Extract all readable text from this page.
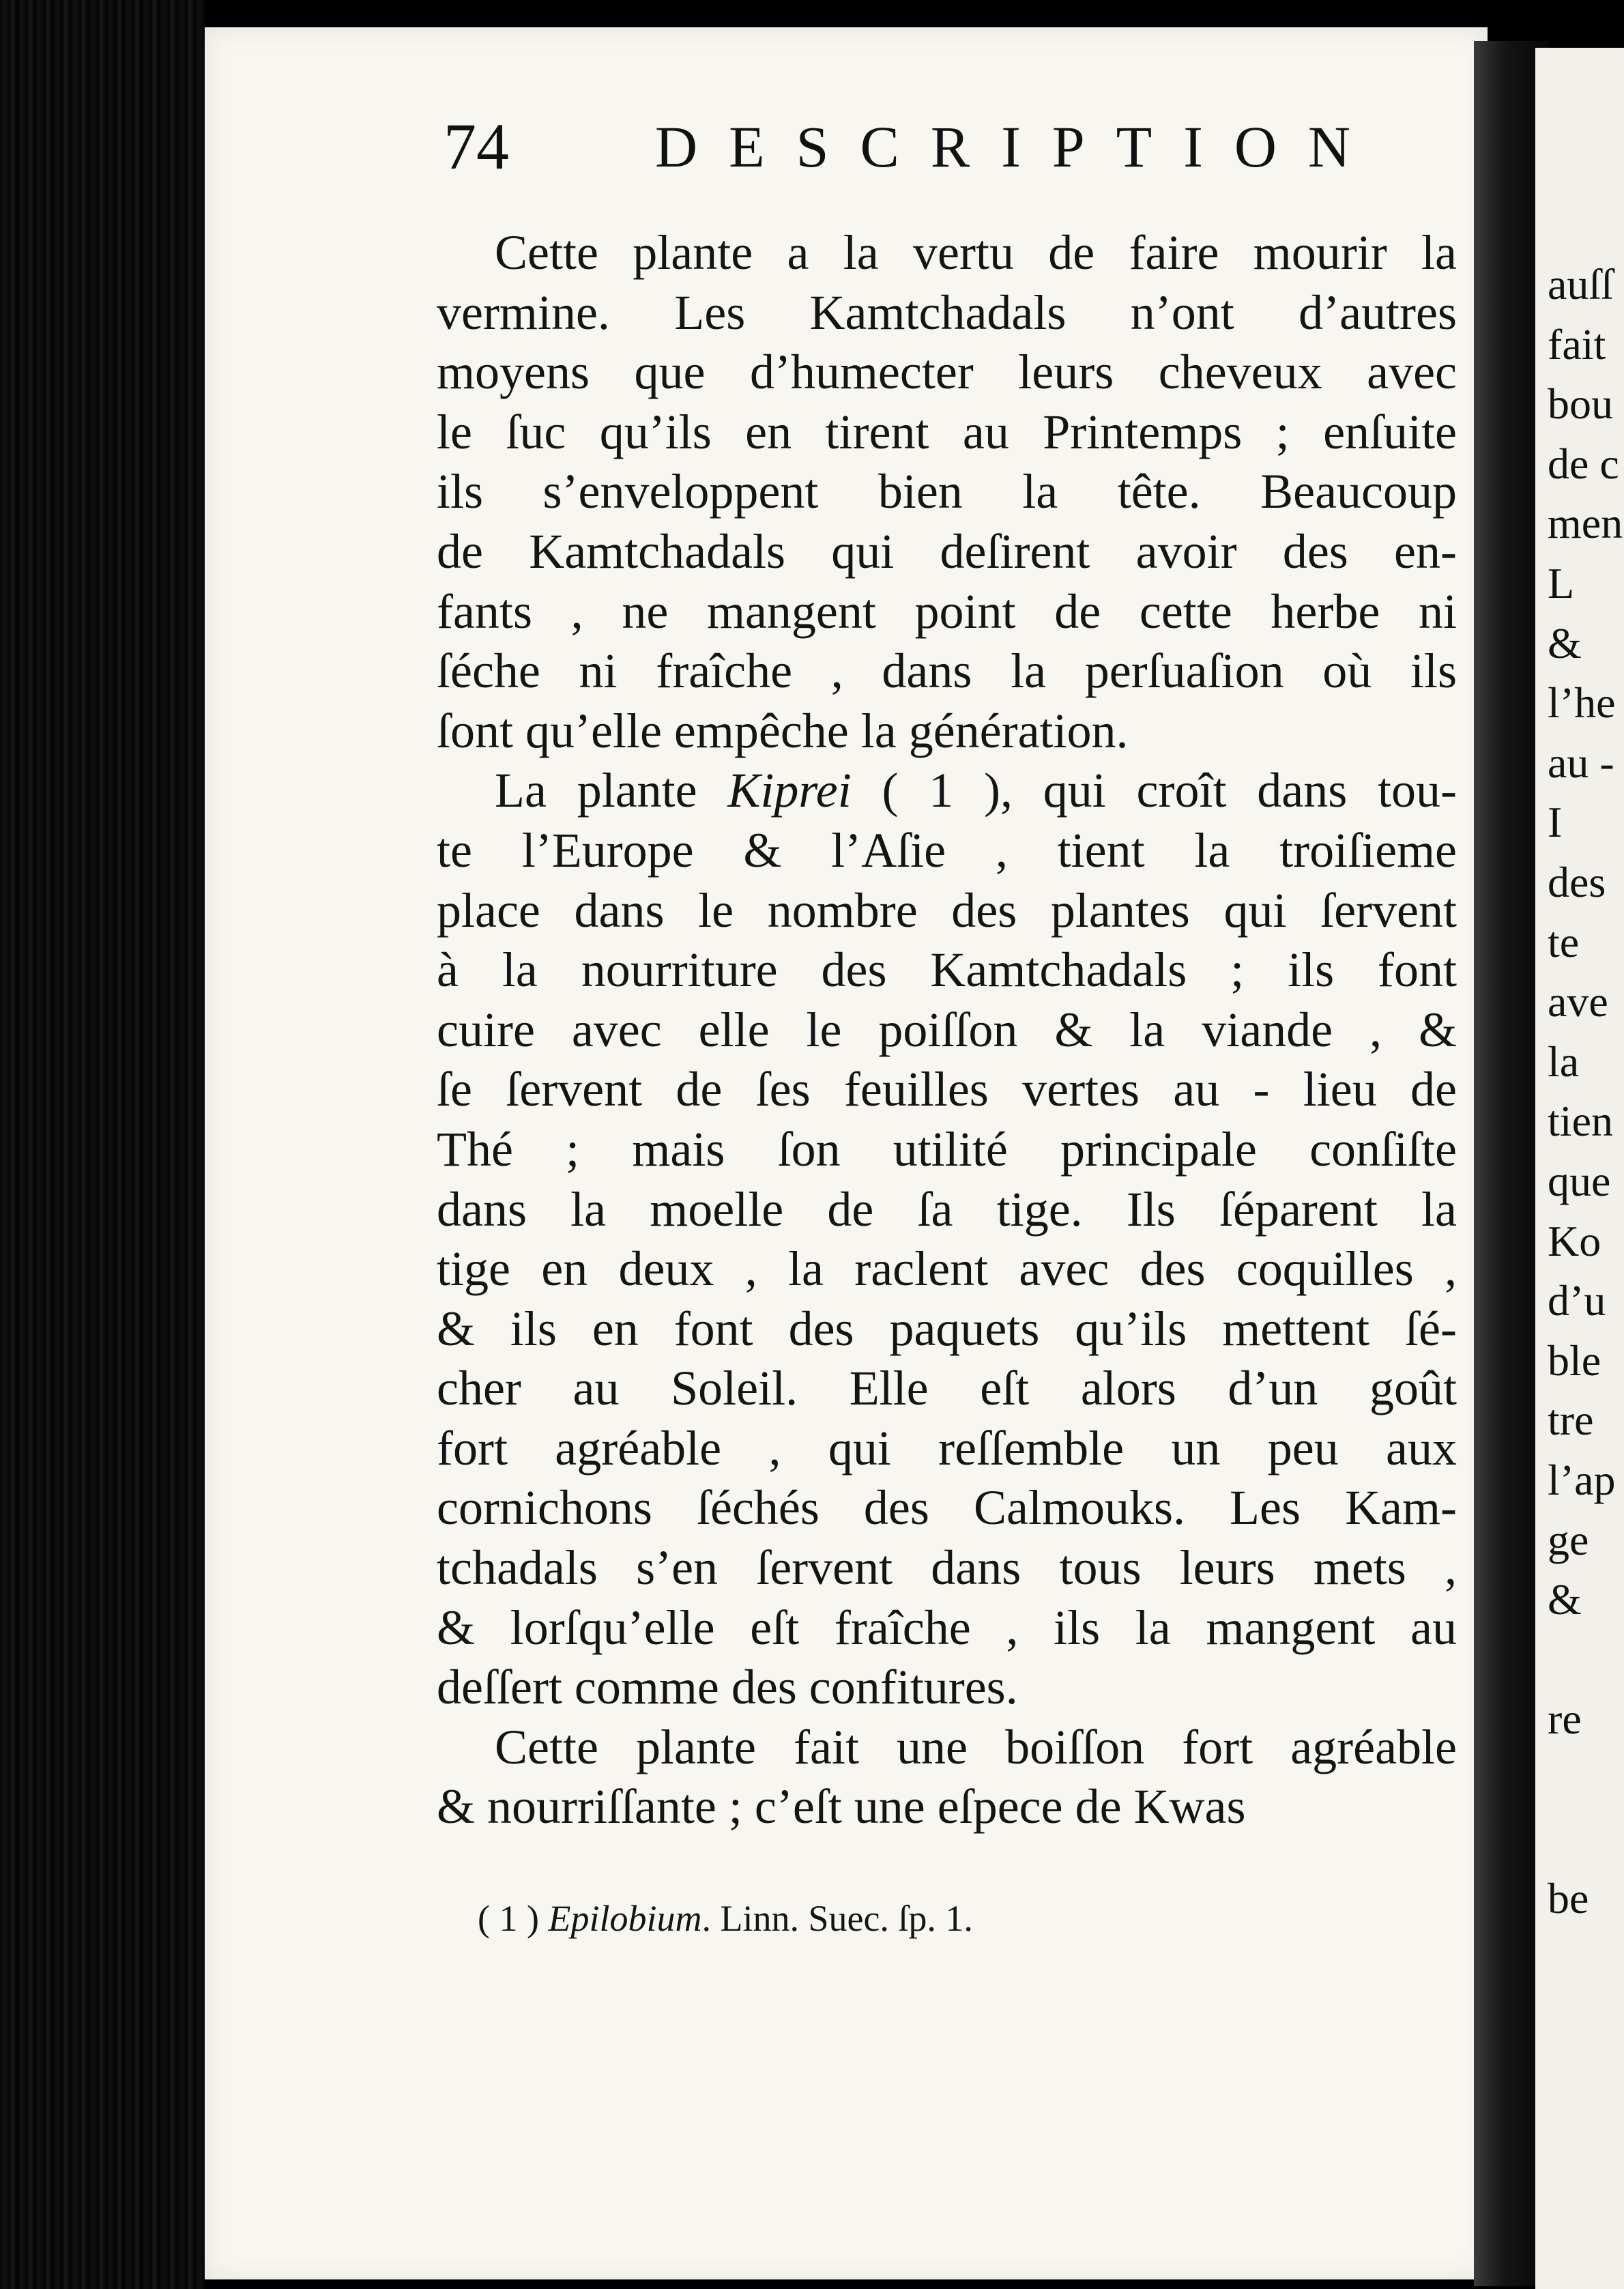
auſſ
fait
bou
de c
men
L
&
l’he
au -
I
des
te
ave
la
tien
que
Ko
d’u
ble
tre
l’ap
ge
&
re
be
74 DESCRIPTION
Cette plante a la vertu de faire mourir la
vermine. Les Kamtchadals n’ont d’autres
moyens que d’humecter leurs cheveux avec
le ſuc qu’ils en tirent au Printemps ; enſuite
ils s’enveloppent bien la tête. Beaucoup
de Kamtchadals qui deſirent avoir des en-
fants , ne mangent point de cette herbe ni
ſéche ni fraîche , dans la perſuaſion où ils
ſont qu’elle empêche la génération.
La plante Kiprei ( 1 ), qui croît dans tou-
te l’Europe & l’Aſie , tient la troiſieme
place dans le nombre des plantes qui ſervent
à la nourriture des Kamtchadals ; ils font
cuire avec elle le poiſſon & la viande , &
ſe ſervent de ſes feuilles vertes au - lieu de
Thé ; mais ſon utilité principale conſiſte
dans la moelle de ſa tige. Ils ſéparent la
tige en deux , la raclent avec des coquilles ,
& ils en font des paquets qu’ils mettent ſé-
cher au Soleil. Elle eſt alors d’un goût
fort agréable , qui reſſemble un peu aux
cornichons ſéchés des Calmouks. Les Kam-
tchadals s’en ſervent dans tous leurs mets ,
& lorſqu’elle eſt fraîche , ils la mangent au
deſſert comme des confitures.
Cette plante fait une boiſſon fort agréable
& nourriſſante ; c’eſt une eſpece de Kwas
( 1 ) Epilobium. Linn. Suec. ſp. 1.
